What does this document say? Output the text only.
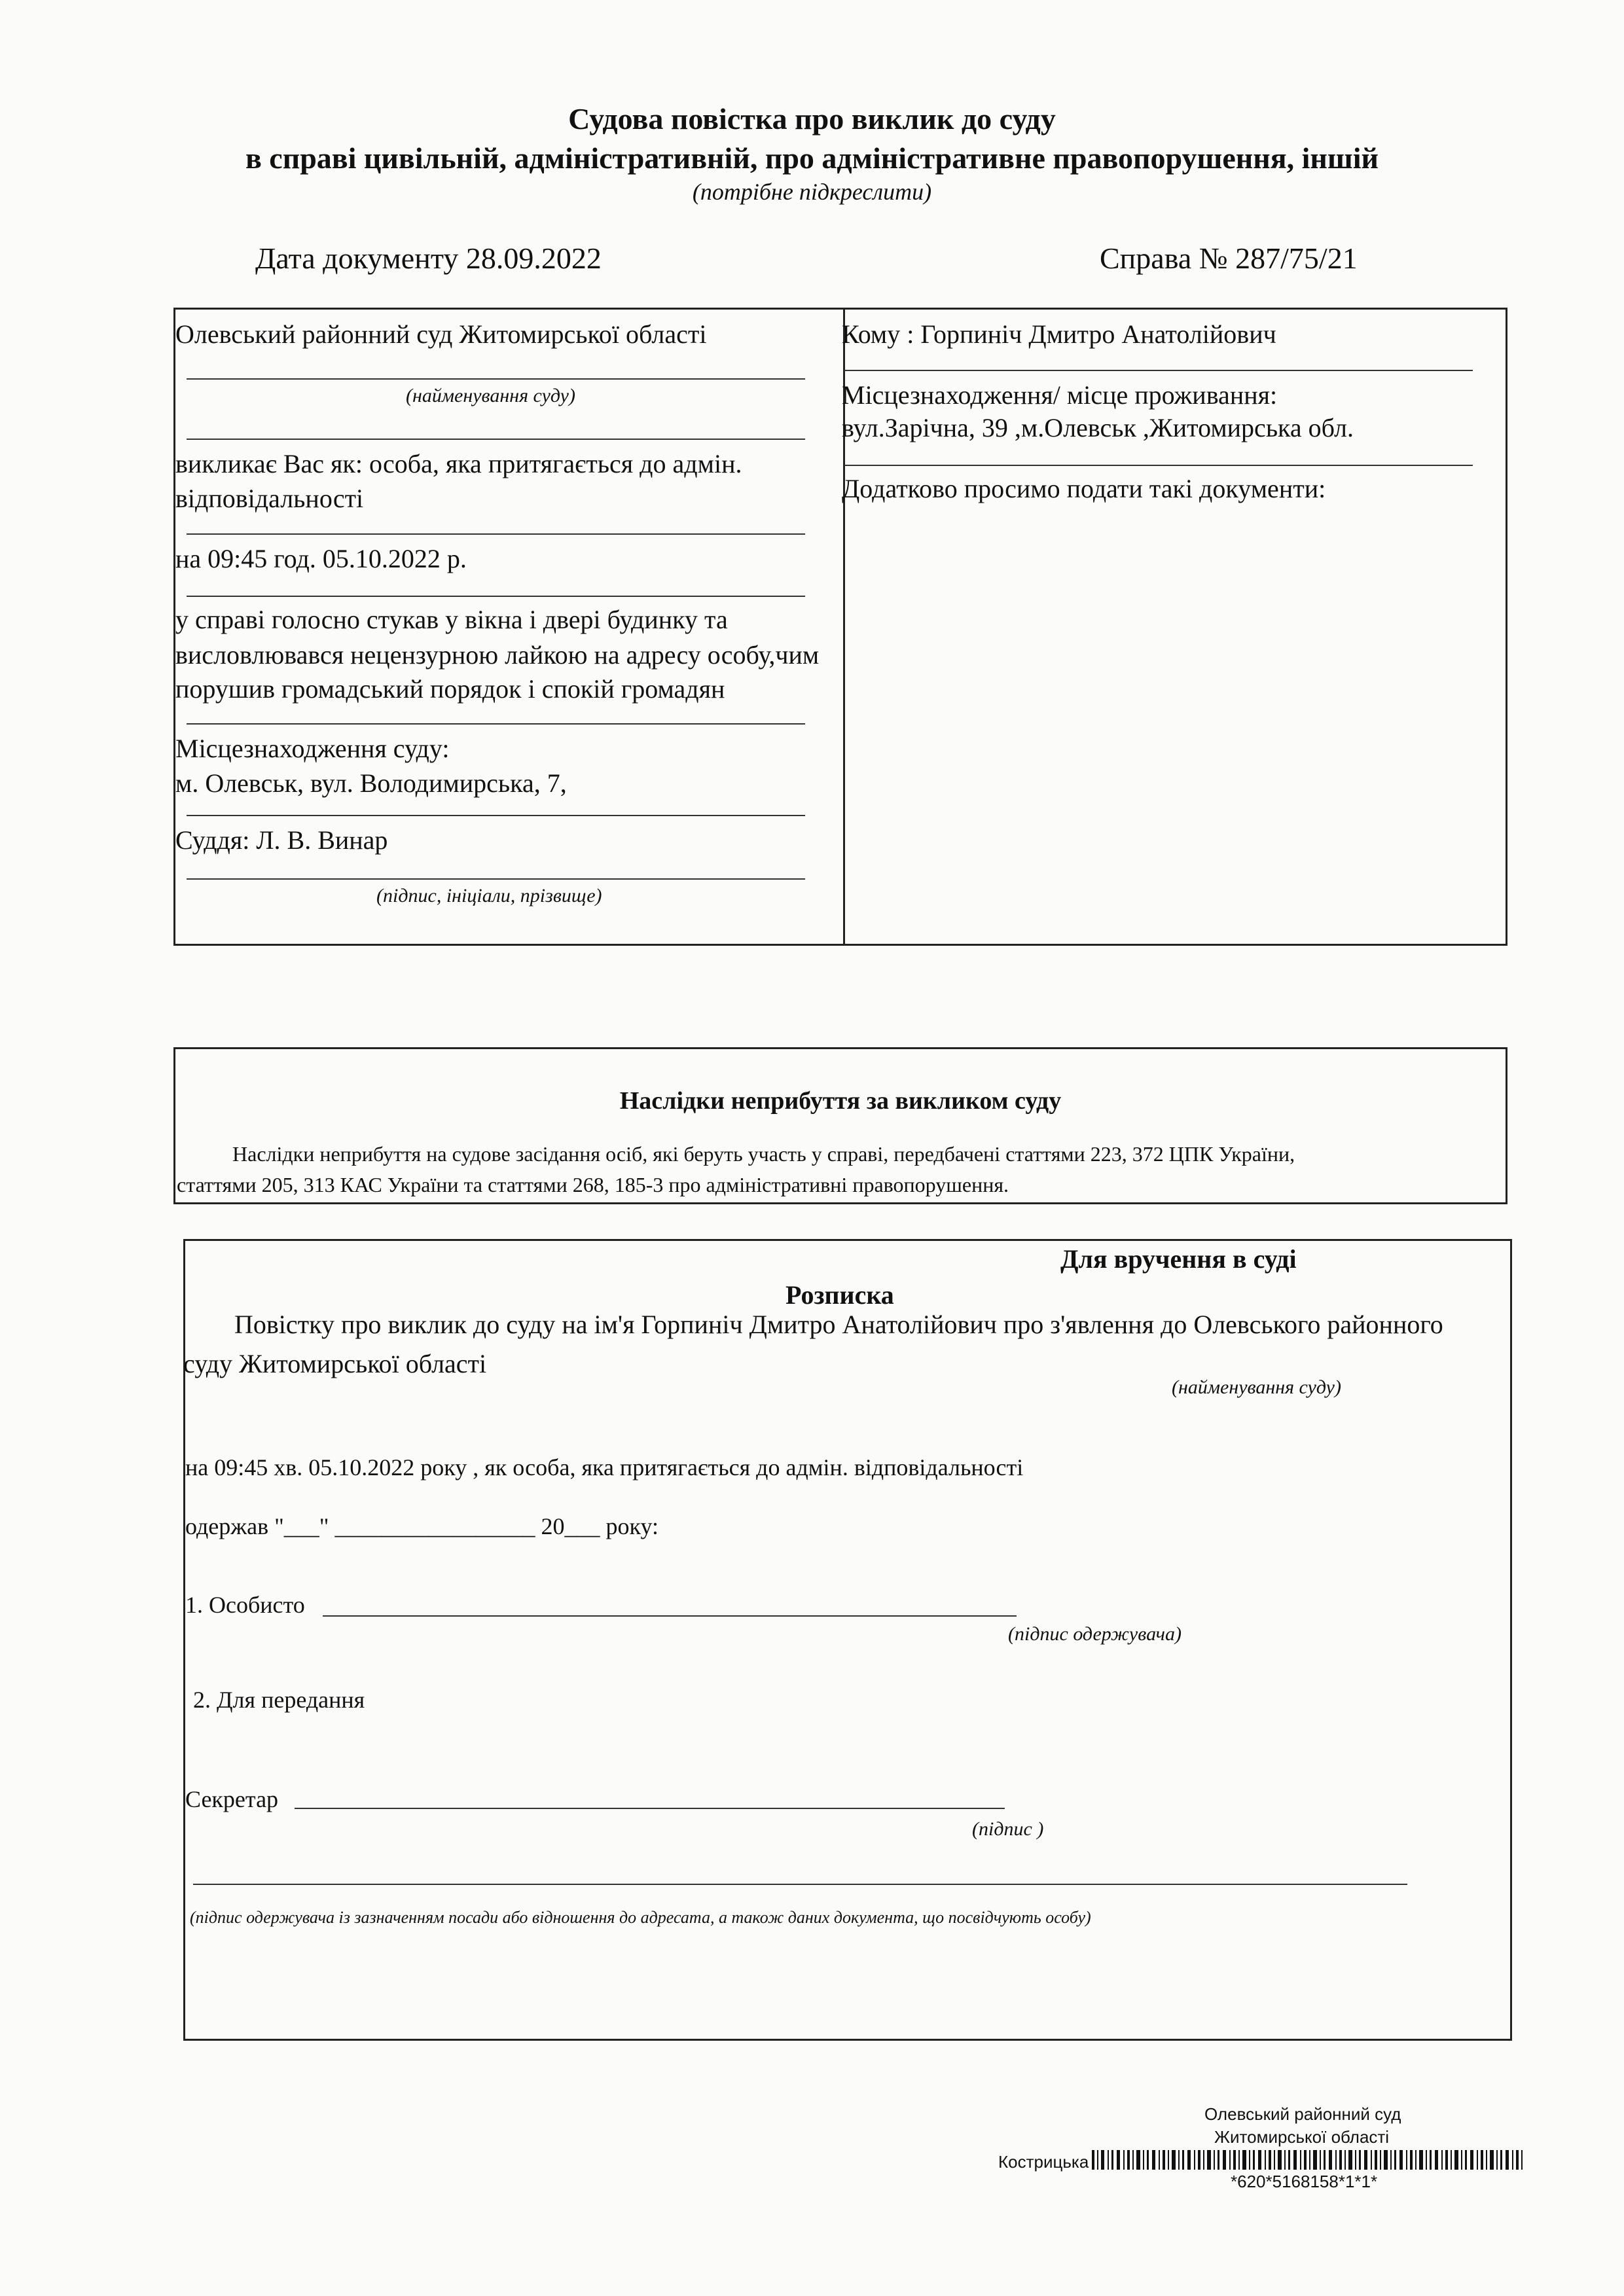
Судова повістка про виклик до суду
в справі цивільній, адміністративній, про адміністративне правопорушення, іншій
(потрібне підкреслити)
Дата документу 28.09.2022	Справа № 287/75/21
Олевський районний суд Житомирської області
(найменування суду)
викликає Вас як: особа, яка притягається до адмін.
відповідальності
на 09:45 год. 05.10.2022 р.
у справі голосно стукав у вікна і двері будинку та
висловлювався нецензурною лайкою на адресу особу,чим
порушив громадський порядок і спокій громадян
Місцезнаходження суду:
м. Олевськ, вул. Володимирська, 7,
Суддя: Л. В. Винар
(підпис, ініціали, прізвище)
Кому : Горпиніч Дмитро Анатолійович
Місцезнаходження/ місце проживання:
вул.Зарічна, 39 ,м.Олевськ ,Житомирська обл.
Додатково просимо подати такі документи:
Наслідки неприбуття за викликом суду
Наслідки неприбуття на судове засідання осіб, які беруть участь у справі, передбачені статтями 223, 372 ЦПК України,
статтями 205, 313 КАС України та статтями 268, 185-3 про адміністративні правопорушення.
Для вручення в суді
Розписка
Повістку про виклик до суду на ім'я Горпиніч Дмитро Анатолійович про з'явлення до Олевського районного
суду Житомирської області
(найменування суду)
на 09:45 хв. 05.10.2022 року , як особа, яка притягається до адмін. відповідальності
одержав "___" _________________ 20___ року:
1. Особисто
(підпис одержувача)
2. Для передання
Секретар
(підпис )
(підпис одержувача із зазначенням посади або відношення до адресата, а також даних документа, що посвідчують особу)
Олевський районний суд
Житомирської області
Кострицька
*620*5168158*1*1*
